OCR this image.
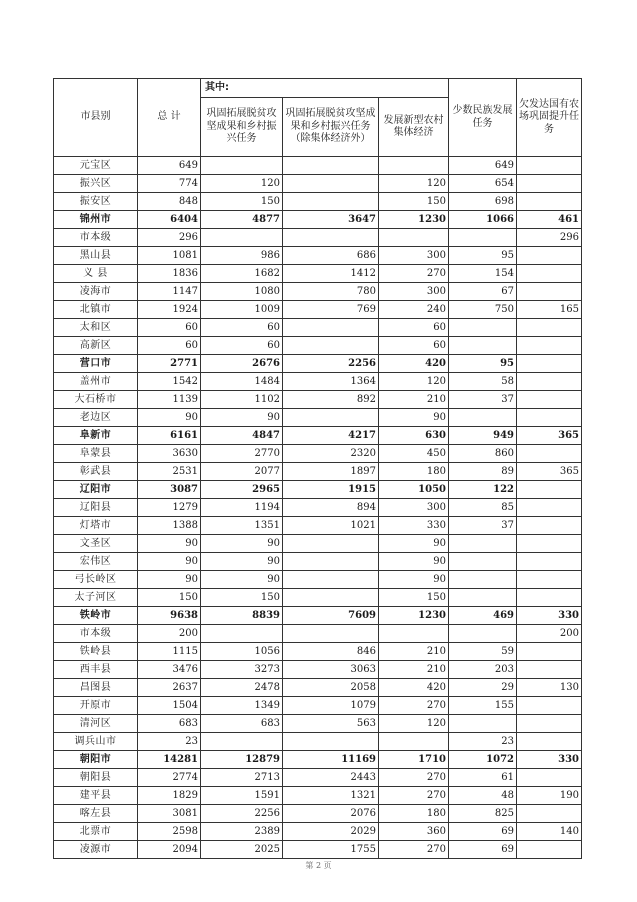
市县别	总 计	其中:			少数民族发展任务	欠发达国有农场巩固提升任务
		巩固拓展脱贫攻坚成果和乡村振兴任务	巩固拓展脱贫攻坚成果和乡村振兴任务（除集体经济外）	发展新型农村集体经济		
元宝区	649				649	
振兴区	774	120		120	654	
振安区	848	150		150	698	
锦州市	6404	4877	3647	1230	1066	461
市本级	296					296
黑山县	1081	986	686	300	95	
义 县	1836	1682	1412	270	154	
凌海市	1147	1080	780	300	67	
北镇市	1924	1009	769	240	750	165
太和区	60	60		60		
高新区	60	60		60		
营口市	2771	2676	2256	420	95	
盖州市	1542	1484	1364	120	58	
大石桥市	1139	1102	892	210	37	
老边区	90	90		90		
阜新市	6161	4847	4217	630	949	365
阜蒙县	3630	2770	2320	450	860	
彰武县	2531	2077	1897	180	89	365
辽阳市	3087	2965	1915	1050	122	
辽阳县	1279	1194	894	300	85	
灯塔市	1388	1351	1021	330	37	
文圣区	90	90		90		
宏伟区	90	90		90		
弓长岭区	90	90		90		
太子河区	150	150		150		
铁岭市	9638	8839	7609	1230	469	330
市本级	200					200
铁岭县	1115	1056	846	210	59	
西丰县	3476	3273	3063	210	203	
昌图县	2637	2478	2058	420	29	130
开原市	1504	1349	1079	270	155	
清河区	683	683	563	120		
调兵山市	23				23	
朝阳市	14281	12879	11169	1710	1072	330
朝阳县	2774	2713	2443	270	61	
建平县	1829	1591	1321	270	48	190
喀左县	3081	2256	2076	180	825	
北票市	2598	2389	2029	360	69	140
凌源市	2094	2025	1755	270	69	
第 2 页
